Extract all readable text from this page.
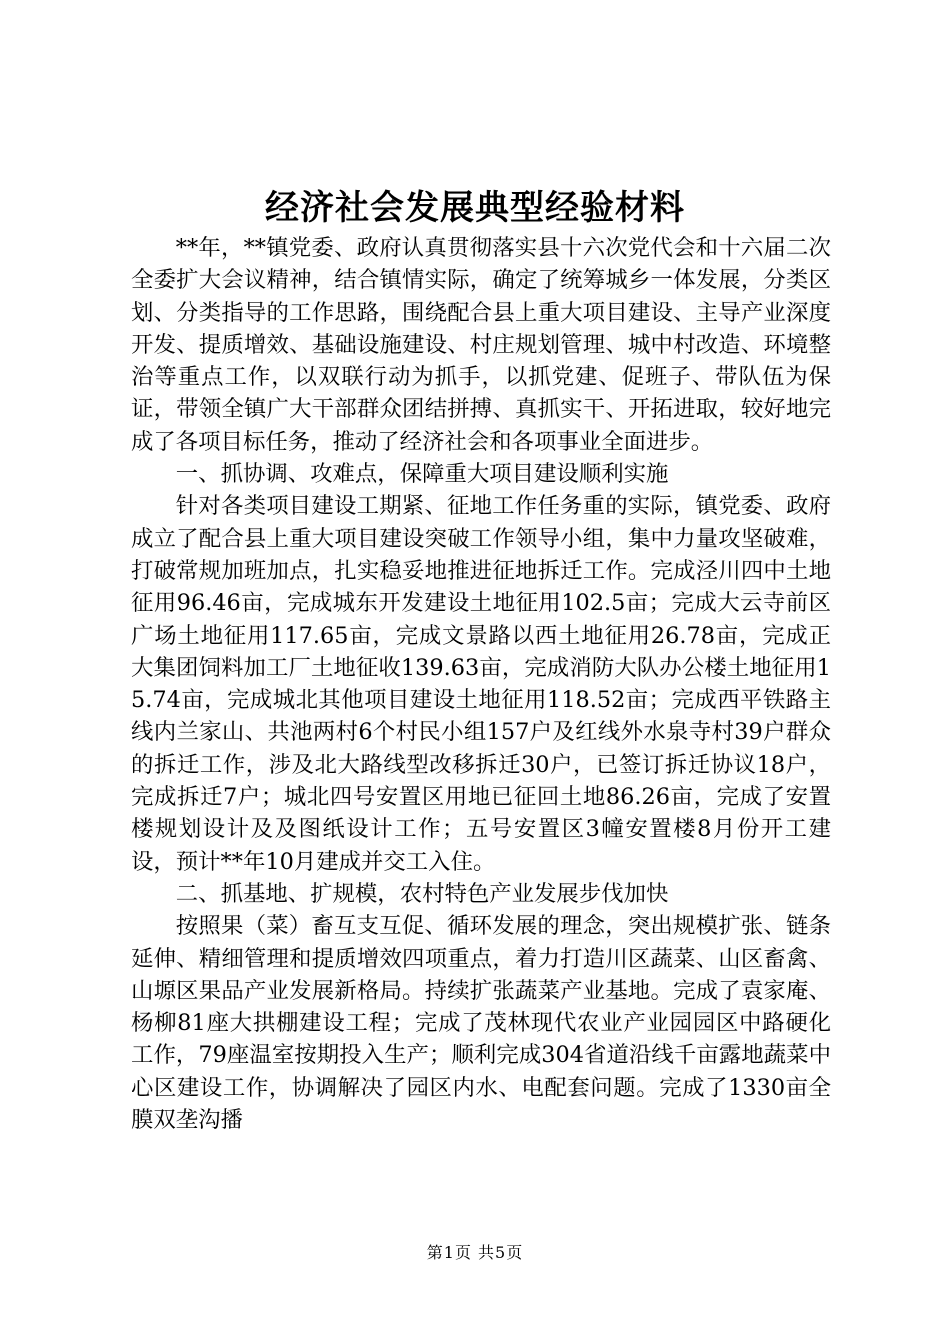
经济社会发展典型经验材料

**年，**镇党委、政府认真贯彻落实县十六次党代会和十六届二次全委扩大会议精神，结合镇情实际，确定了统筹城乡一体发展，分类区划、分类指导的工作思路，围绕配合县上重大项目建设、主导产业深度开发、提质增效、基础设施建设、村庄规划管理、城中村改造、环境整治等重点工作，以双联行动为抓手，以抓党建、促班子、带队伍为保证，带领全镇广大干部群众团结拼搏、真抓实干、开拓进取，较好地完成了各项目标任务，推动了经济社会和各项事业全面进步。

一、抓协调、攻难点，保障重大项目建设顺利实施

针对各类项目建设工期紧、征地工作任务重的实际，镇党委、政府成立了配合县上重大项目建设突破工作领导小组，集中力量攻坚破难，打破常规加班加点，扎实稳妥地推进征地拆迁工作。完成泾川四中土地征用96.46亩，完成城东开发建设土地征用102.5亩；完成大云寺前区广场土地征用117.65亩，完成文景路以西土地征用26.78亩，完成正大集团饲料加工厂土地征收139.63亩，完成消防大队办公楼土地征用15.74亩，完成城北其他项目建设土地征用118.52亩；完成西平铁路主线内兰家山、共池两村6个村民小组157户及红线外水泉寺村39户群众的拆迁工作，涉及北大路线型改移拆迁30户，已签订拆迁协议18户，完成拆迁7户；城北四号安置区用地已征回土地86.26亩，完成了安置楼规划设计及及图纸设计工作；五号安置区3幢安置楼8月份开工建设，预计**年10月建成并交工入住。

二、抓基地、扩规模，农村特色产业发展步伐加快

按照果（菜）畜互支互促、循环发展的理念，突出规模扩张、链条延伸、精细管理和提质增效四项重点，着力打造川区蔬菜、山区畜禽、山塬区果品产业发展新格局。持续扩张蔬菜产业基地。完成了袁家庵、杨柳81座大拱棚建设工程；完成了茂林现代农业产业园园区中路硬化工作，79座温室按期投入生产；顺利完成304省道沿线千亩露地蔬菜中心区建设工作，协调解决了园区内水、电配套问题。完成了1330亩全膜双垄沟播

第1页 共5页
